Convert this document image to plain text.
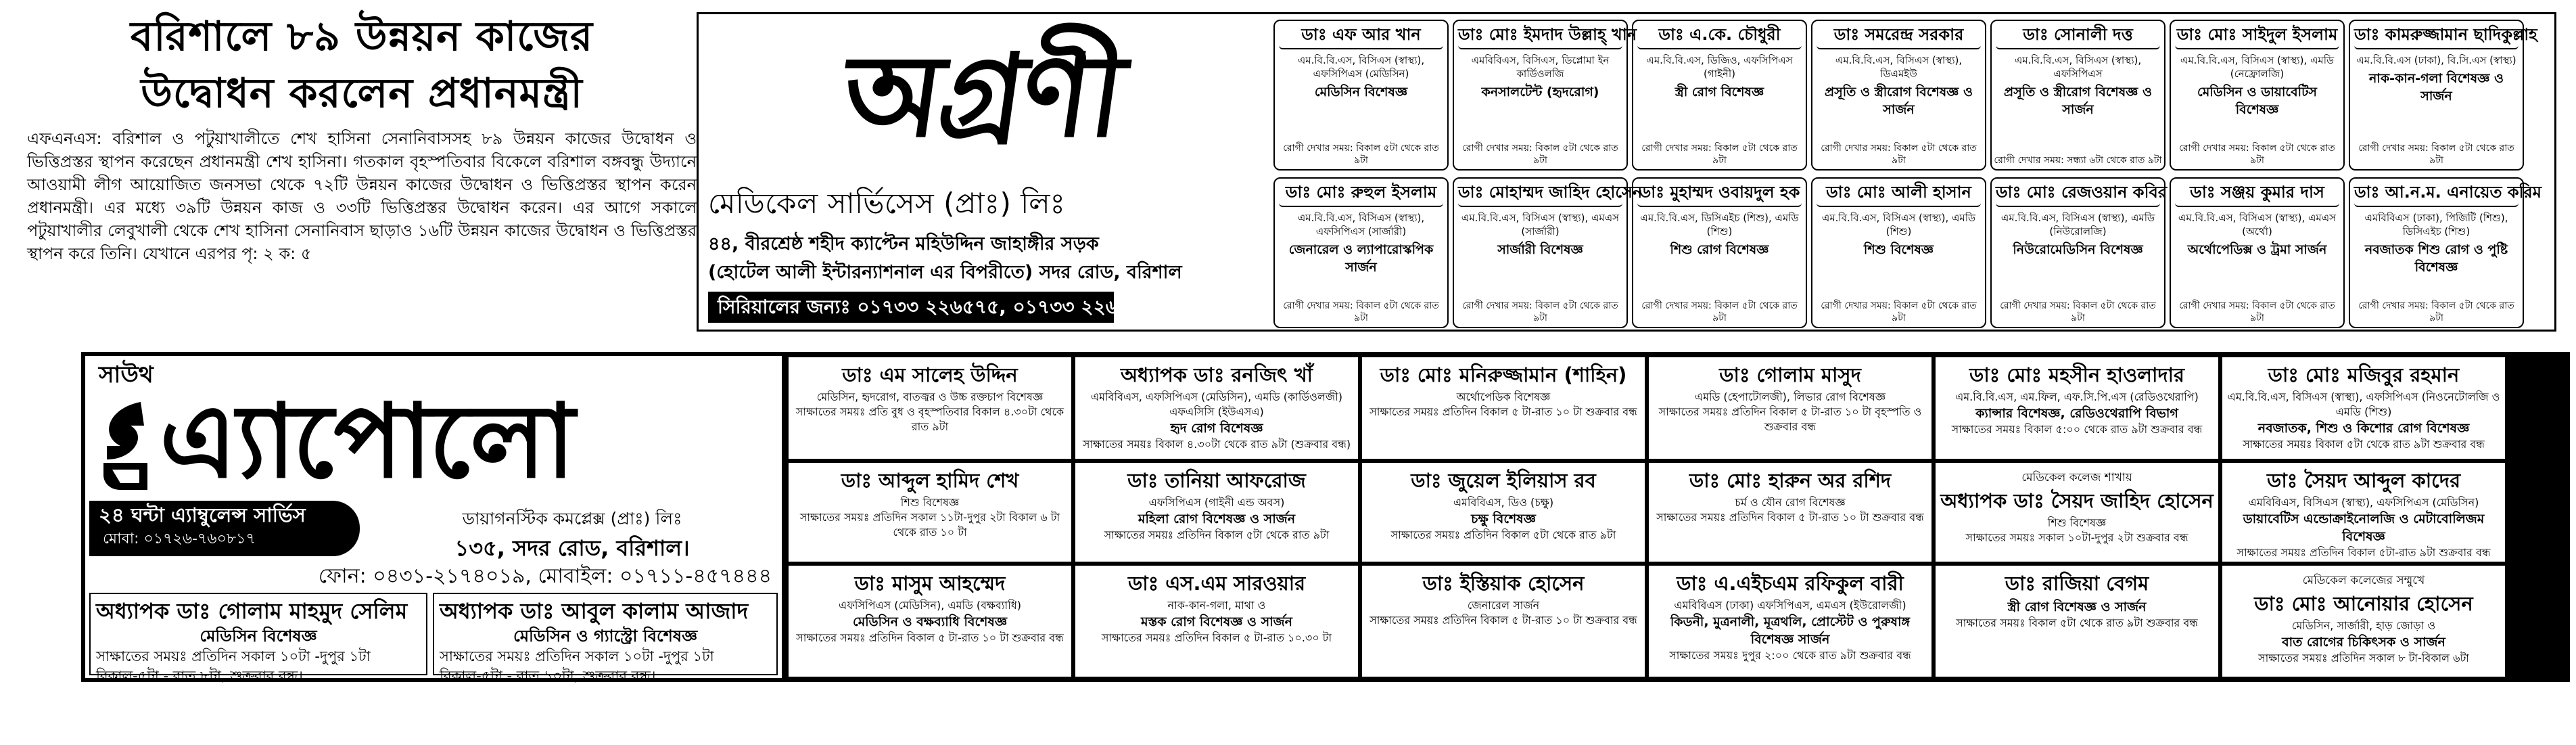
বরিশালে ৮৯ উন্নয়ন কাজের
উদ্বোধন করলেন প্রধানমন্ত্রী
এফএনএস: বরিশাল ও পটুয়াখালীতে শেখ হাসিনা সেনানিবাসসহ ৮৯ উন্নয়ন কাজের উদ্বোধন ও ভিত্তিপ্রস্তর স্থাপন করেছেন প্রধানমন্ত্রী শেখ হাসিনা। গতকাল বৃহস্পতিবার বিকেলে বরিশাল বঙ্গবন্ধু উদ্যানে আওয়ামী লীগ আয়োজিত জনসভা থেকে ৭২টি উন্নয়ন কাজের উদ্বোধন ও ভিত্তিপ্রস্তর স্থাপন করেন প্রধানমন্ত্রী। এর মধ্যে ৩৯টি উন্নয়ন কাজ ও ৩৩টি ভিত্তিপ্রস্তর উদ্বোধন করেন। এর আগে সকালে পটুয়াখালীর লেবুখালী থেকে শেখ হাসিনা সেনানিবাস ছাড়াও ১৬টি উন্নয়ন কাজের উদ্বোধন ও ভিত্তিপ্রস্তর স্থাপন করে তিনি। যেখানে এরপর পৃ: ২ ক: ৫
অগ্রণী
মেডিকেল সার্ভিসেস (প্রাঃ) লিঃ
৪৪, বীরশ্রেষ্ঠ শহীদ ক্যাপ্টেন মহিউদ্দিন জাহাঙ্গীর সড়ক
(হোটেল আলী ইন্টারন্যাশনাল এর বিপরীতে) সদর রোড, বরিশাল
সিরিয়ালের জন্যঃ ০১৭৩৩ ২২৬৫৭৫, ০১৭৩৩ ২২৬৫৮৫
ডাঃ এফ আর খান
এম.বি.বি.এস, বিসিএস (স্বাস্থ্য), এফসিপিএস (মেডিসিন)
মেডিসিন বিশেষজ্ঞ
রোগী দেখার সময়: বিকাল ৫টা থেকে রাত ৯টা
ডাঃ মোঃ ইমদাদ উল্লাহ্ খান
এমবিবিএস, বিসিএস, ডিপ্লোমা ইন কার্ডিওলজি
কনসালটেন্ট (হৃদরোগ)
রোগী দেখার সময়: বিকাল ৫টা থেকে রাত ৯টা
ডাঃ এ.কে. চৌধুরী
এম.বি.বি.এস, ডিজিও, এফসিপিএস (গাইনী)
স্ত্রী রোগ বিশেষজ্ঞ
রোগী দেখার সময়: বিকাল ৫টা থেকে রাত ৯টা
ডাঃ সমরেন্দ্র সরকার
এম.বি.বি.এস, বিসিএস (স্বাস্থ্য), ডিএমইউ
প্রসূতি ও স্ত্রীরোগ বিশেষজ্ঞ ও সার্জন
রোগী দেখার সময়: বিকাল ৫টা থেকে রাত ৯টা
ডাঃ সোনালী দত্ত
এম.বি.বি.এস, বিসিএস (স্বাস্থ্য), এফসিপিএস
প্রসূতি ও স্ত্রীরোগ বিশেষজ্ঞ ও সার্জন
রোগী দেখার সময়: সন্ধ্যা ৬টা থেকে রাত ৯টা
ডাঃ মোঃ সাইদুল ইসলাম
এম.বি.বি.এস, বিসিএস (স্বাস্থ্য), এমডি (নেফ্রোলজি)
মেডিসিন ও ডায়াবেটিস বিশেষজ্ঞ
রোগী দেখার সময়: বিকাল ৫টা থেকে রাত ৯টা
ডাঃ কামরুজ্জামান ছাদিকুল্লাহ
এম.বি.বি.এস (ঢাকা), বি.সি.এস (স্বাস্থ্য)
নাক-কান-গলা বিশেষজ্ঞ ও সার্জন
রোগী দেখার সময়: বিকাল ৫টা থেকে রাত ৯টা
ডাঃ মোঃ রুহুল ইসলাম
এম.বি.বি.এস, বিসিএস (স্বাস্থ্য), এফসিপিএস (সার্জারী)
জেনারেল ও ল্যাপারোস্কপিক সার্জন
রোগী দেখার সময়: বিকাল ৫টা থেকে রাত ৯টা
ডাঃ মোহাম্মদ জাহিদ হোসেন
এম.বি.বি.এস, বিসিএস (স্বাস্থ্য), এমএস (সার্জারী)
সার্জারী বিশেষজ্ঞ
রোগী দেখার সময়: বিকাল ৫টা থেকে রাত ৯টা
ডাঃ মুহাম্মদ ওবায়দুল হক
এম.বি.বি.এস, ডিসিএইচ (শিশু), এমডি (শিশু)
শিশু রোগ বিশেষজ্ঞ
রোগী দেখার সময়: বিকাল ৫টা থেকে রাত ৯টা
ডাঃ মোঃ আলী হাসান
এম.বি.বি.এস, বিসিএস (স্বাস্থ্য), এমডি (শিশু)
শিশু বিশেষজ্ঞ
রোগী দেখার সময়: বিকাল ৫টা থেকে রাত ৯টা
ডাঃ মোঃ রেজওয়ান কবির
এম.বি.বি.এস, বিসিএস (স্বাস্থ্য), এমডি (নিউরোলজি)
নিউরোমেডিসিন বিশেষজ্ঞ
রোগী দেখার সময়: বিকাল ৫টা থেকে রাত ৯টা
ডাঃ সঞ্জয় কুমার দাস
এম.বি.বি.এস, বিসিএস (স্বাস্থ্য), এমএস (অর্থো)
অর্থোপেডিক্স ও ট্রমা সার্জন
রোগী দেখার সময়: বিকাল ৫টা থেকে রাত ৯টা
ডাঃ আ.ন.ম. এনায়েত করিম
এমবিবিএস (ঢাকা), পিজিটি (শিশু), ডিসিএইচ (শিশু)
নবজাতক শিশু রোগ ও পুষ্টি বিশেষজ্ঞ
রোগী দেখার সময়: বিকাল ৫টা থেকে রাত ৯টা
সাউথ
এ্যাপোলো
২৪ ঘন্টা এ্যাম্বুলেন্স সার্ভিস
মোবা: ০১৭২৬-৭৬০৮১৭
ডায়াগনস্টিক কমপ্লেক্স (প্রাঃ) লিঃ
১৩৫, সদর রোড, বরিশাল।
ফোন: ০৪৩১-২১৭৪০১৯, মোবাইল: ০১৭১১-৪৫৭৪৪৪
অধ্যাপক ডাঃ গোলাম মাহমুদ সেলিম
মেডিসিন বিশেষজ্ঞ
সাক্ষাতের সময়ঃ প্রতিদিন সকাল ১০টা -দুপুর ১টা
বিকাল-৫টা - রাত ৮টা, শুক্রবার বন্ধ।
অধ্যাপক ডাঃ আবুল কালাম আজাদ
মেডিসিন ও গ্যাস্ট্রো বিশেষজ্ঞ
সাক্ষাতের সময়ঃ প্রতিদিন সকাল ১০টা -দুপুর ১টা
বিকাল-৫টা - রাত ১০টা, শুক্রবার বন্ধ।
ডাঃ এম সালেহ উদ্দিন
মেডিসিন, হৃদরোগ, বাতজ্বর ও উচ্চ রক্তচাপ বিশেষজ্ঞ
সাক্ষাতের সময়ঃ প্রতি বুধ ও বৃহস্পতিবার বিকাল ৪.৩০টা থেকে রাত ৯টা
অধ্যাপক ডাঃ রনজিৎ খাঁ
এমবিবিএস, এফসিপিএস (মেডিসিন), এমডি (কার্ডিওলজী) এফএসিসি (ইউএসএ)
হৃদ রোগ বিশেষজ্ঞ
সাক্ষাতের সময়ঃ বিকাল ৪.৩০টা থেকে রাত ৯টা (শুক্রবার বন্ধ)
ডাঃ মোঃ মনিরুজ্জামান (শাহিন)
অর্থোপেডিক বিশেষজ্ঞ
সাক্ষাতের সময়ঃ প্রতিদিন বিকাল ৫ টা-রাত ১০ টা শুক্রবার বন্ধ
ডাঃ গোলাম মাসুদ
এমডি (হেপাটোলজী), লিভার রোগ বিশেষজ্ঞ
সাক্ষাতের সময়ঃ প্রতিদিন বিকাল ৫ টা-রাত ১০ টা বৃহস্পতি ও শুক্রবার বন্ধ
ডাঃ মোঃ মহসীন হাওলাদার
এম.বি.বি.এস, এম.ফিল, এফ.সি.পি.এস (রেডিওথেরাপি)
ক্যান্সার বিশেষজ্ঞ, রেডিওথেরাপি বিভাগ
সাক্ষাতের সময়ঃ বিকাল ৫:০০ থেকে রাত ৯টা শুক্রবার বন্ধ
ডাঃ মোঃ মজিবুর রহমান
এম.বি.বি.এস, বিসিএস (স্বাস্থ্য), এফসিপিএস (নিওনেটোলজি ও এমডি (শিশু)
নবজাতক, শিশু ও কিশোর রোগ বিশেষজ্ঞ
সাক্ষাতের সময়ঃ বিকাল ৫টা থেকে রাত ৯টা শুক্রবার বন্ধ
ডাঃ আব্দুল হামিদ শেখ
শিশু বিশেষজ্ঞ
সাক্ষাতের সময়ঃ প্রতিদিন সকাল ১১টা-দুপুর ২টা বিকাল ৬ টা থেকে রাত ১০ টা
ডাঃ তানিয়া আফরোজ
এফসিপিএস (গাইনী এন্ড অবস)
মহিলা রোগ বিশেষজ্ঞ ও সার্জন
সাক্ষাতের সময়ঃ প্রতিদিন বিকাল ৫টা থেকে রাত ৯টা
ডাঃ জুয়েল ইলিয়াস রব
এমবিবিএস, ডিও (চক্ষু)
চক্ষু বিশেষজ্ঞ
সাক্ষাতের সময়ঃ প্রতিদিন বিকাল ৫টা থেকে রাত ৯টা
ডাঃ মোঃ হারুন অর রশিদ
চর্ম ও যৌন রোগ বিশেষজ্ঞ
সাক্ষাতের সময়ঃ প্রতিদিন বিকাল ৫ টা-রাত ১০ টা শুক্রবার বন্ধ
মেডিকেল কলেজ শাখায়
অধ্যাপক ডাঃ সৈয়দ জাহিদ হোসেন
শিশু বিশেষজ্ঞ
সাক্ষাতের সময়ঃ সকাল ১০টা-দুপুর ২টা শুক্রবার বন্ধ
ডাঃ সৈয়দ আব্দুল কাদের
এমবিবিএস, বিসিএস (স্বাস্থ্য), এফসিপিএস (মেডিসিন)
ডায়াবেটিস এন্ডোক্রাইনোলজি ও মেটাবোলিজম বিশেষজ্ঞ
সাক্ষাতের সময়ঃ প্রতিদিন বিকাল ৫টা-রাত ৯টা শুক্রবার বন্ধ
ডাঃ মাসুম আহম্মেদ
এফসিপিএস (মেডিসিন), এমডি (বক্ষব্যাধি)
মেডিসিন ও বক্ষব্যাধি বিশেষজ্ঞ
সাক্ষাতের সময়ঃ প্রতিদিন বিকাল ৫ টা-রাত ১০ টা শুক্রবার বন্ধ
ডাঃ এস.এম সারওয়ার
নাক-কান-গলা, মাথা ও
মস্তক রোগ বিশেষজ্ঞ ও সার্জন
সাক্ষাতের সময়ঃ প্রতিদিন বিকাল ৫ টা-রাত ১০.৩০ টা
ডাঃ ইস্তিয়াক হোসেন
জেনারেল সার্জন
সাক্ষাতের সময়ঃ প্রতিদিন বিকাল ৫ টা-রাত ১০ টা শুক্রবার বন্ধ
ডাঃ এ.এইচএম রফিকুল বারী
এমবিবিএস (ঢাকা) এফসিপিএস, এমএস (ইউরোলজী)
কিডনী, মুত্রনালী, মূত্রথলি, প্রোস্টেট ও পুরুষাঙ্গ বিশেষজ্ঞ সার্জন
সাক্ষাতের সময়ঃ দুপুর ২:০০ থেকে রাত ৯টা শুক্রবার বন্ধ
ডাঃ রাজিয়া বেগম
স্ত্রী রোগ বিশেষজ্ঞ ও সার্জন
সাক্ষাতের সময়ঃ বিকাল ৫টা থেকে রাত ৯টা শুক্রবার বন্ধ
মেডিকেল কলেজের সম্মুখে
ডাঃ মোঃ আনোয়ার হোসেন
মেডিসিন, সার্জারী, হাড় জোড়া ও
বাত রোগের চিকিৎসক ও সার্জন
সাক্ষাতের সময়ঃ প্রতিদিন সকাল ৮ টা-বিকাল ৬টা
